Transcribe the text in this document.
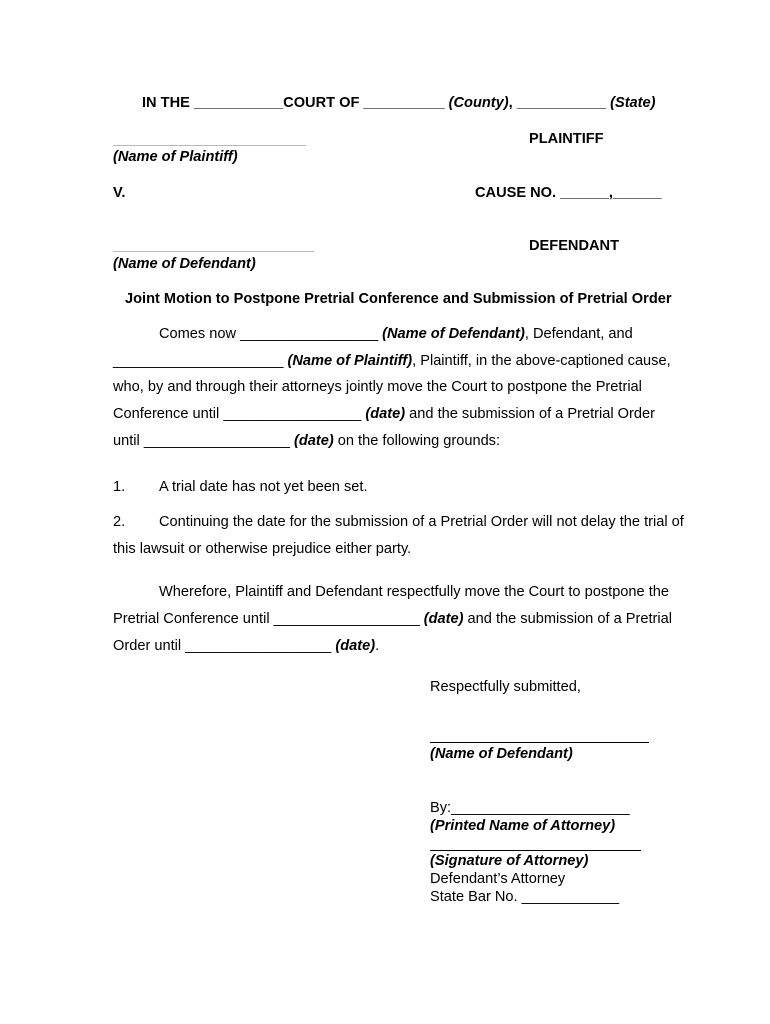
IN THE ___________COURT OF __________ (County), ___________ (State)
PLAINTIFF
(Name of Plaintiff)
V.	CAUSE NO. ______,______
DEFENDANT
(Name of Defendant)
Joint Motion to Postpone Pretrial Conference and Submission of Pretrial Order
Comes now _________________ (Name of Defendant), Defendant, and
_____________________ (Name of Plaintiff), Plaintiff, in the above-captioned cause,
who, by and through their attorneys jointly move the Court to postpone the Pretrial
Conference until _________________ (date) and the submission of a Pretrial Order
until __________________ (date) on the following grounds:
1. A trial date has not yet been set.
2. Continuing the date for the submission of a Pretrial Order will not delay the trial of
this lawsuit or otherwise prejudice either party.
Wherefore, Plaintiff and Defendant respectfully move the Court to postpone the
Pretrial Conference until __________________ (date) and the submission of a Pretrial
Order until __________________ (date).
Respectfully submitted,
(Name of Defendant)
By:______________________
(Printed Name of Attorney)
(Signature of Attorney)
Defendant’s Attorney
State Bar No. ____________
